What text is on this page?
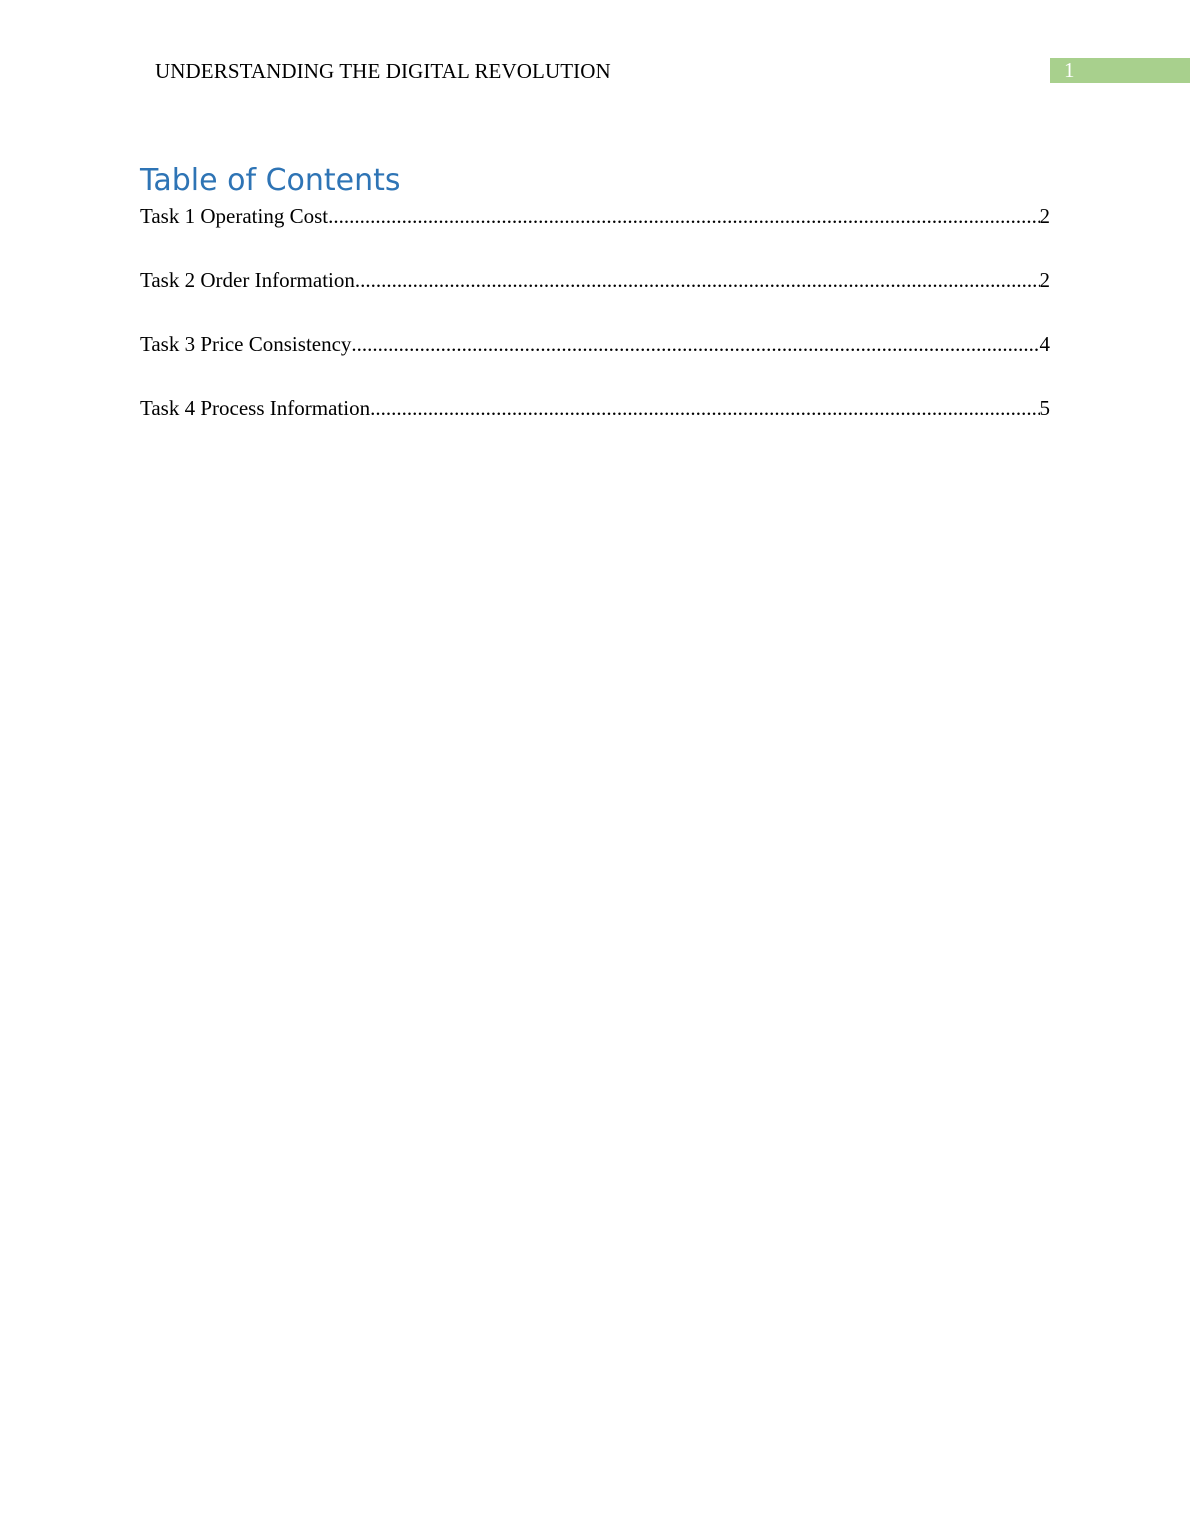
UNDERSTANDING THE DIGITAL REVOLUTION	1
Table of Contents
Task 1 Operating Cost .....	2
Task 2 Order Information .....	2
Task 3 Price Consistency .....	4
Task 4 Process Information .....	5
